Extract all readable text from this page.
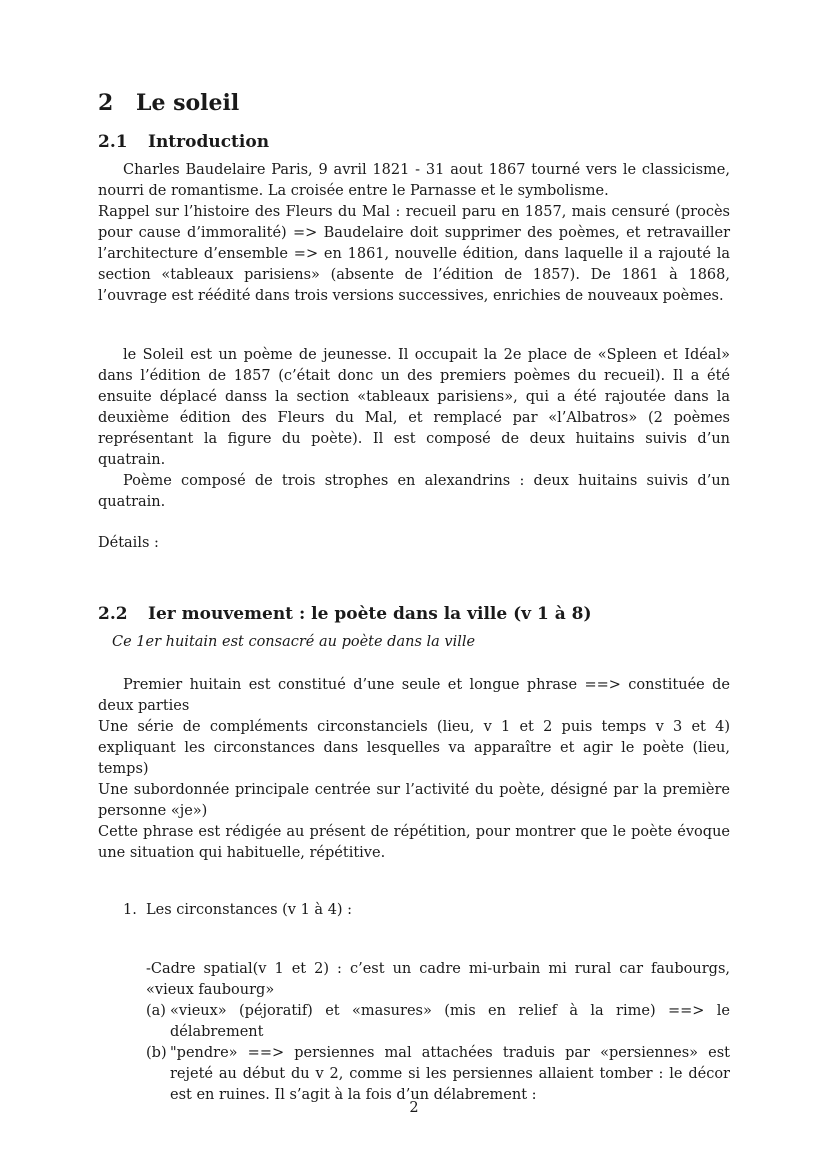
2 Le soleil
2.1 Introduction

Charles Baudelaire Paris, 9 avril 1821 - 31 aout 1867 tourné vers le classicisme, nourri de romantisme. La croisée entre le Parnasse et le symbolisme.

Rappel sur l’histoire des Fleurs du Mal : recueil paru en 1857, mais censuré (procès pour cause d’immoralité) => Baudelaire doit supprimer des poèmes, et retravailler l’architecture d’ensemble => en 1861, nouvelle édition, dans laquelle il a rajouté la section «tableaux parisiens» (absente de l’édition de 1857). De 1861 à 1868, l’ouvrage est réédité dans trois versions successives, enrichies de nouveaux poèmes.

le Soleil est un poème de jeunesse. Il occupait la 2e place de «Spleen et Idéal» dans l’édition de 1857 (c’était donc un des premiers poèmes du recueil). Il a été ensuite déplacé danss la section «tableaux parisiens», qui a été rajoutée dans la deuxième édition des Fleurs du Mal, et remplacé par «l’Albatros» (2 poèmes représentant la figure du poète). Il est composé de deux huitains suivis d’un quatrain.

Poème composé de trois strophes en alexandrins : deux huitains suivis d’un quatrain.

Détails :

2.2 Ier mouvement : le poète dans la ville (v 1 à 8)

Ce 1er huitain est consacré au poète dans la ville

Premier huitain est constitué d’une seule et longue phrase ==> constituée de deux parties

Une série de compléments circonstanciels (lieu, v 1 et 2 puis temps v 3 et 4) expliquant les circonstances dans lesquelles va apparaître et agir le poète (lieu, temps)

Une subordonnée principale centrée sur l’activité du poète, désigné par la première personne «je»)

Cette phrase est rédigée au présent de répétition, pour montrer que le poète évoque une situation qui habituelle, répétitive.

1. Les circonstances (v 1 à 4) :

-Cadre spatial(v 1 et 2) : c’est un cadre mi-urbain mi rural car faubourgs, «vieux faubourg»

(a) «vieux» (péjoratif) et «masures» (mis en relief à la rime) ==> le délabrement
(b) "pendre» ==> persiennes mal attachées traduis par «persiennes» est rejeté au début du v 2, comme si les persiennes allaient tomber : le décor est en ruines. Il s’agit à la fois d’un délabrement :
2
